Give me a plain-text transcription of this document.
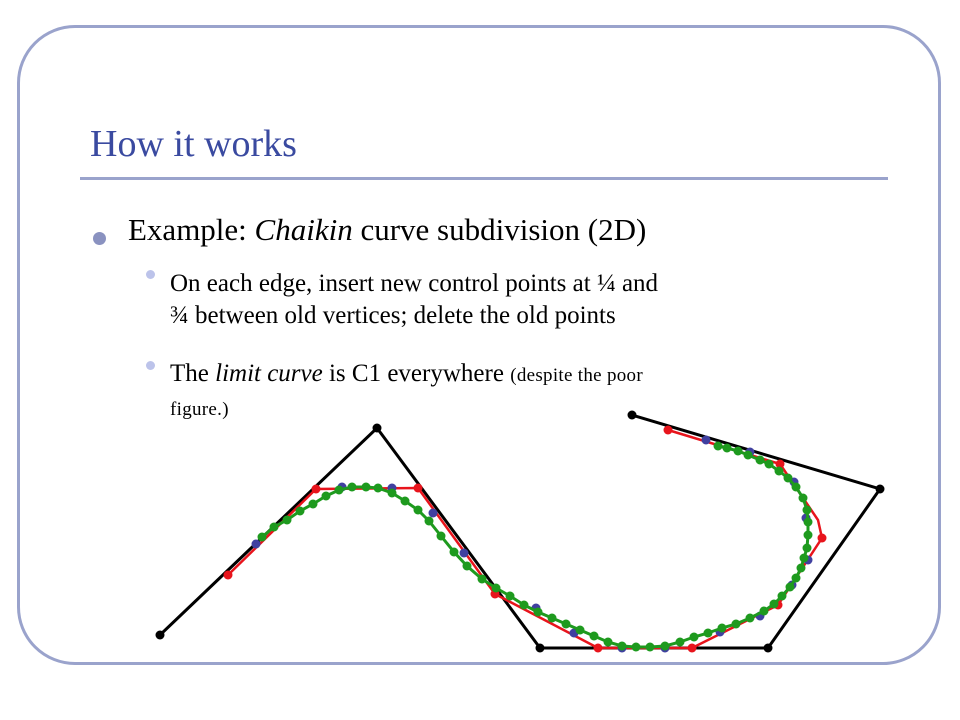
How it works
Example: Chaikin curve subdivision (2D)
On each edge, insert new control points at ¼ and
¾ between old vertices; delete the old points
The limit curve is C1 everywhere (despite the poor
figure.)
